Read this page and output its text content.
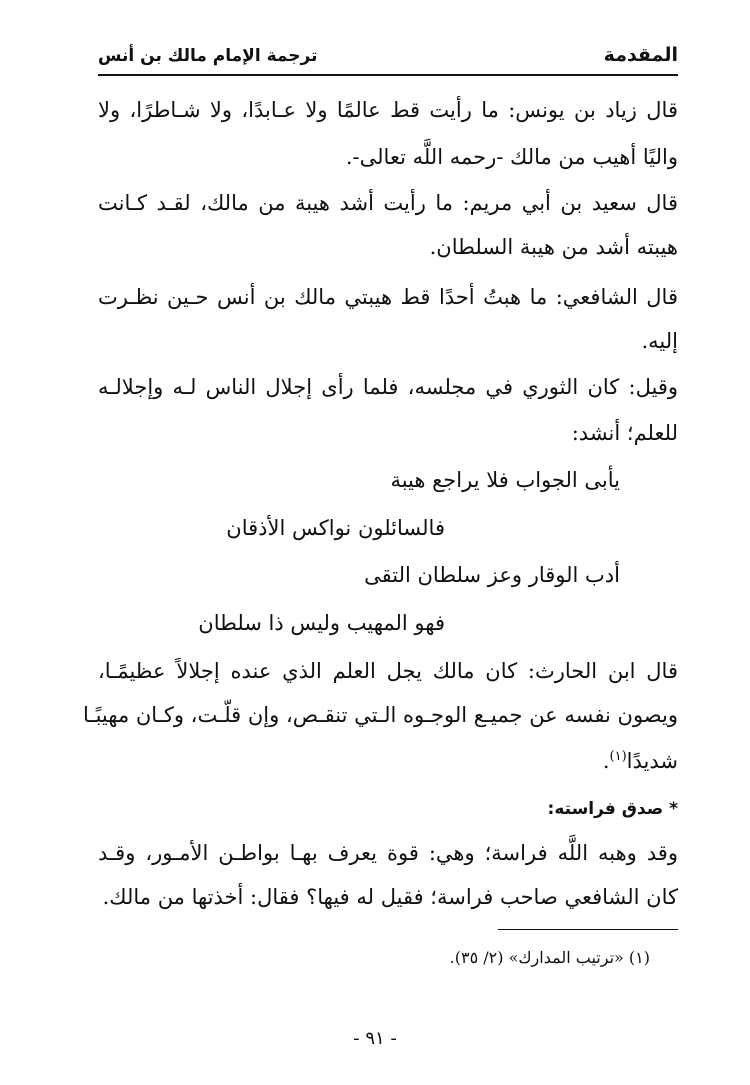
المقدمة
ترجمة الإمام مالك بن أنس
قال زياد بن يونس: ما رأيت قط عالمًا ولا عـابدًا، ولا شـاطرًا، ولا
واليًا أهيب من مالك -رحمه اللَّه تعالى-.
قال سعيد بن أبي مريم: ما رأيت أشد هيبة من مالك، لقـد كـانت
هيبته أشد من هيبة السلطان.
قال الشافعي: ما هبتُ أحدًا قط هيبتي مالك بن أنس حـين نظـرت
إليه.
وقيل: كان الثوري في مجلسه، فلما رأى إجلال الناس لـه وإجلالـه
للعلم؛ أنشد:
يأبى الجواب فلا يراجع هيبة
فالسائلون نواكس الأذقان
أدب الوقار وعز سلطان التقى
فهو المهيب وليس ذا سلطان
قال ابن الحارث: كان مالك يجل العلم الذي عنده إجلالاً عظيمًـا،
ويصون نفسه عن جميـع الوجـوه الـتي تنقـص، وإن قلّـت، وكـان مهيبًـا
شديدًا$^{(١)}$.
* صدق فراسته:
وقد وهبه اللَّه فراسة؛ وهي: قوة يعرف بهـا بواطـن الأمـور، وقـد
كان الشافعي صاحب فراسة؛ فقيل له فيها؟ فقال: أخذتها من مالك.
(١) «ترتيب المدارك» (٢/ ٣٥).
- ٩١ -
